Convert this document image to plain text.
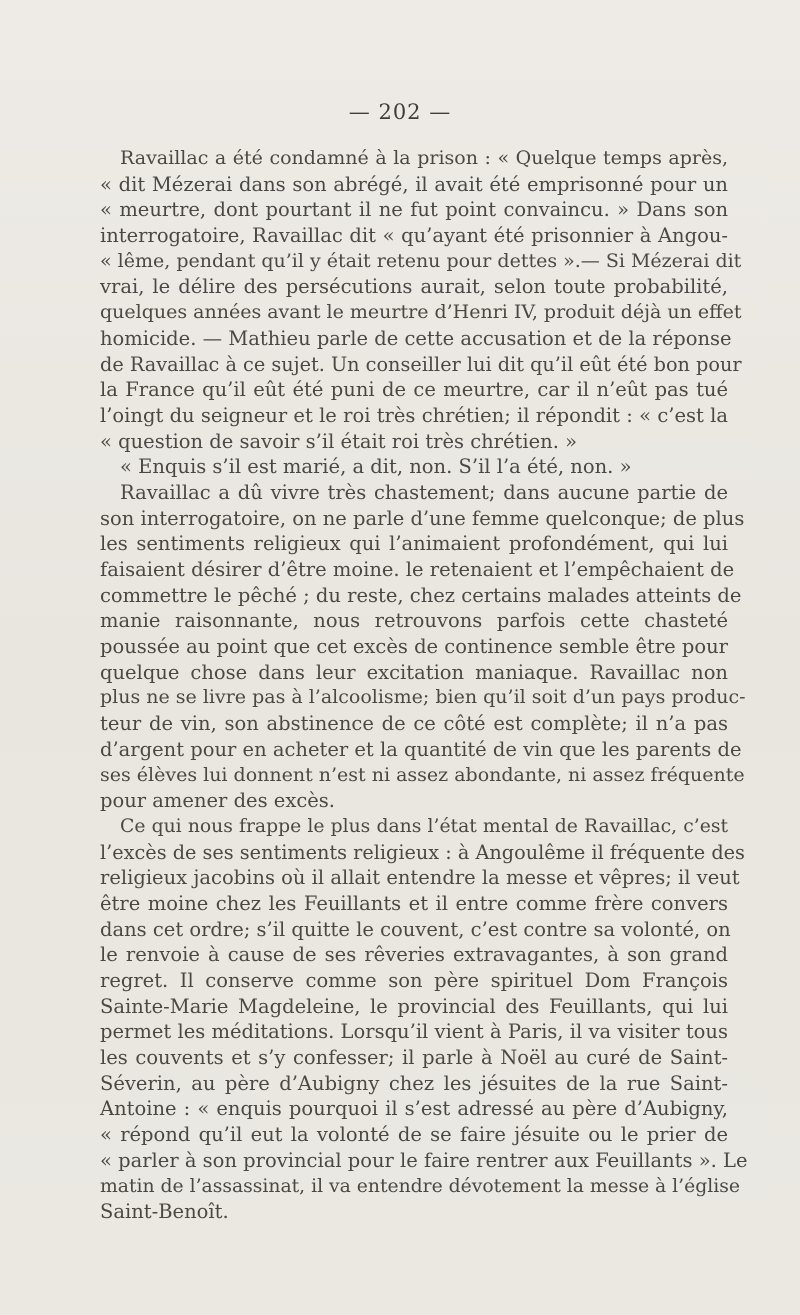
— 202 —
Ravaillac a été condamné à la prison : « Quelque temps après,
« dit Mézerai dans son abrégé, il avait été emprisonné pour un
« meurtre, dont pourtant il ne fut point convaincu. » Dans son
interrogatoire, Ravaillac dit « qu’ayant été prisonnier à Angou-
« lême, pendant qu’il y était retenu pour dettes ».— Si Mézerai dit
vrai, le délire des persécutions aurait, selon toute probabilité,
quelques années avant le meurtre d’Henri IV, produit déjà un effet
homicide. — Mathieu parle de cette accusation et de la réponse
de Ravaillac à ce sujet. Un conseiller lui dit qu’il eût été bon pour
la France qu’il eût été puni de ce meurtre, car il n’eût pas tué
l’oingt du seigneur et le roi très chrétien; il répondit : « c’est la
« question de savoir s’il était roi très chrétien. »
« Enquis s’il est marié, a dit, non. S’il l’a été, non. »
Ravaillac a dû vivre très chastement; dans aucune partie de
son interrogatoire, on ne parle d’une femme quelconque; de plus
les sentiments religieux qui l’animaient profondément, qui lui
faisaient désirer d’être moine. le retenaient et l’empêchaient de
commettre le pêché ; du reste, chez certains malades atteints de
manie raisonnante, nous retrouvons parfois cette chasteté
poussée au point que cet excès de continence semble être pour
quelque chose dans leur excitation maniaque. Ravaillac non
plus ne se livre pas à l’alcoolisme; bien qu’il soit d’un pays produc-
teur de vin, son abstinence de ce côté est complète; il n’a pas
d’argent pour en acheter et la quantité de vin que les parents de
ses élèves lui donnent n’est ni assez abondante, ni assez fréquente
pour amener des excès.
Ce qui nous frappe le plus dans l’état mental de Ravaillac, c’est
l’excès de ses sentiments religieux : à Angoulême il fréquente des
religieux jacobins où il allait entendre la messe et vêpres; il veut
être moine chez les Feuillants et il entre comme frère convers
dans cet ordre; s’il quitte le couvent, c’est contre sa volonté, on
le renvoie à cause de ses rêveries extravagantes, à son grand
regret. Il conserve comme son père spirituel Dom François
Sainte-Marie Magdeleine, le provincial des Feuillants, qui lui
permet les méditations. Lorsqu’il vient à Paris, il va visiter tous
les couvents et s’y confesser; il parle à Noël au curé de Saint-
Séverin, au père d’Aubigny chez les jésuites de la rue Saint-
Antoine : « enquis pourquoi il s’est adressé au père d’Aubigny,
« répond qu’il eut la volonté de se faire jésuite ou le prier de
« parler à son provincial pour le faire rentrer aux Feuillants ». Le
matin de l’assassinat, il va entendre dévotement la messe à l’église
Saint-Benoît.
